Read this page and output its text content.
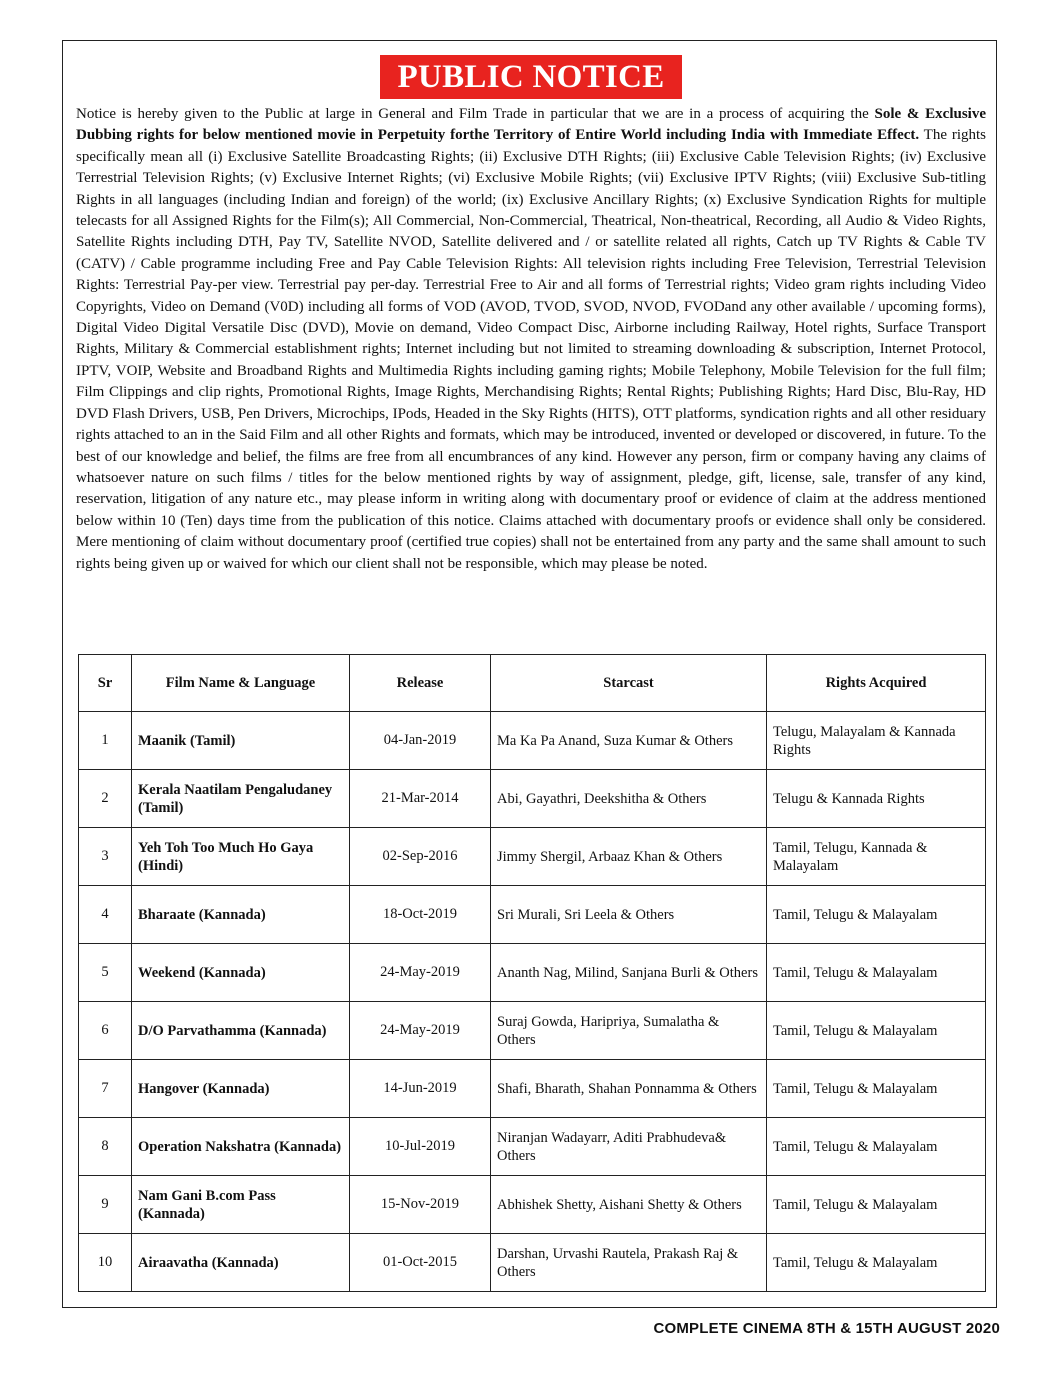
PUBLIC NOTICE
Notice is hereby given to the Public at large in General and Film Trade in particular that we are in a process of acquiring the Sole & Exclusive Dubbing rights for below mentioned movie in Perpetuity forthe Territory of Entire World including India with Immediate Effect. The rights specifically mean all (i) Exclusive Satellite Broadcasting Rights; (ii) Exclusive DTH Rights; (iii) Exclusive Cable Television Rights; (iv) Exclusive Terrestrial Television Rights; (v) Exclusive Internet Rights; (vi) Exclusive Mobile Rights; (vii) Exclusive IPTV Rights; (viii) Exclusive Sub-titling Rights in all languages (including Indian and foreign) of the world; (ix) Exclusive Ancillary Rights; (x) Exclusive Syndication Rights for multiple telecasts for all Assigned Rights for the Film(s); All Commercial, Non-Commercial, Theatrical, Non-theatrical, Recording, all Audio & Video Rights, Satellite Rights including DTH, Pay TV, Satellite NVOD, Satellite delivered and / or satellite related all rights, Catch up TV Rights & Cable TV (CATV) / Cable programme including Free and Pay Cable Television Rights: All television rights including Free Television, Terrestrial Television Rights: Terrestrial Pay-per view. Terrestrial pay per-day. Terrestrial Free to Air and all forms of Terrestrial rights; Video gram rights including Video Copyrights, Video on Demand (V0D) including all forms of VOD (AVOD, TVOD, SVOD, NVOD, FVODand any other available / upcoming forms), Digital Video Digital Versatile Disc (DVD), Movie on demand, Video Compact Disc, Airborne including Railway, Hotel rights, Surface Transport Rights, Military & Commercial establishment rights; Internet including but not limited to streaming downloading & subscription, Internet Protocol, IPTV, VOIP, Website and Broadband Rights and Multimedia Rights including gaming rights; Mobile Telephony, Mobile Television for the full film; Film Clippings and clip rights, Promotional Rights, Image Rights, Merchandising Rights; Rental Rights; Publishing Rights; Hard Disc, Blu-Ray, HD DVD Flash Drivers, USB, Pen Drivers, Microchips, IPods, Headed in the Sky Rights (HITS), OTT platforms, syndication rights and all other residuary rights attached to an in the Said Film and all other Rights and formats, which may be introduced, invented or developed or discovered, in future. To the best of our knowledge and belief, the films are free from all encumbrances of any kind. However any person, firm or company having any claims of whatsoever nature on such films / titles for the below mentioned rights by way of assignment, pledge, gift, license, sale, transfer of any kind, reservation, litigation of any nature etc., may please inform in writing along with documentary proof or evidence of claim at the address mentioned below within 10 (Ten) days time from the publication of this notice. Claims attached with documentary proofs or evidence shall only be considered. Mere mentioning of claim without documentary proof (certified true copies) shall not be entertained from any party and the same shall amount to such rights being given up or waived for which our client shall not be responsible, which may please be noted.
Sr	Film Name & Language	Release	Starcast	Rights Acquired
1	Maanik (Tamil)	04-Jan-2019	Ma Ka Pa Anand, Suza Kumar & Others	Telugu, Malayalam & Kannada Rights
2	Kerala Naatilam Pengaludaney (Tamil)	21-Mar-2014	Abi, Gayathri, Deekshitha & Others	Telugu & Kannada Rights
3	Yeh Toh Too Much Ho Gaya (Hindi)	02-Sep-2016	Jimmy Shergil, Arbaaz Khan & Others	Tamil, Telugu, Kannada & Malayalam
4	Bharaate (Kannada)	18-Oct-2019	Sri Murali, Sri Leela & Others	Tamil, Telugu & Malayalam
5	Weekend (Kannada)	24-May-2019	Ananth Nag, Milind, Sanjana Burli & Others	Tamil, Telugu & Malayalam
6	D/O Parvathamma (Kannada)	24-May-2019	Suraj Gowda, Haripriya, Sumalatha & Others	Tamil, Telugu & Malayalam
7	Hangover (Kannada)	14-Jun-2019	Shafi, Bharath, Shahan Ponnamma & Others	Tamil, Telugu & Malayalam
8	Operation Nakshatra (Kannada)	10-Jul-2019	Niranjan Wadayarr, Aditi Prabhudeva& Others	Tamil, Telugu & Malayalam
9	Nam Gani B.com Pass (Kannada)	15-Nov-2019	Abhishek Shetty, Aishani Shetty & Others	Tamil, Telugu & Malayalam
10	Airaavatha (Kannada)	01-Oct-2015	Darshan, Urvashi Rautela, Prakash Raj & Others	Tamil, Telugu & Malayalam
COMPLETE CINEMA 8TH & 15TH AUGUST 2020
